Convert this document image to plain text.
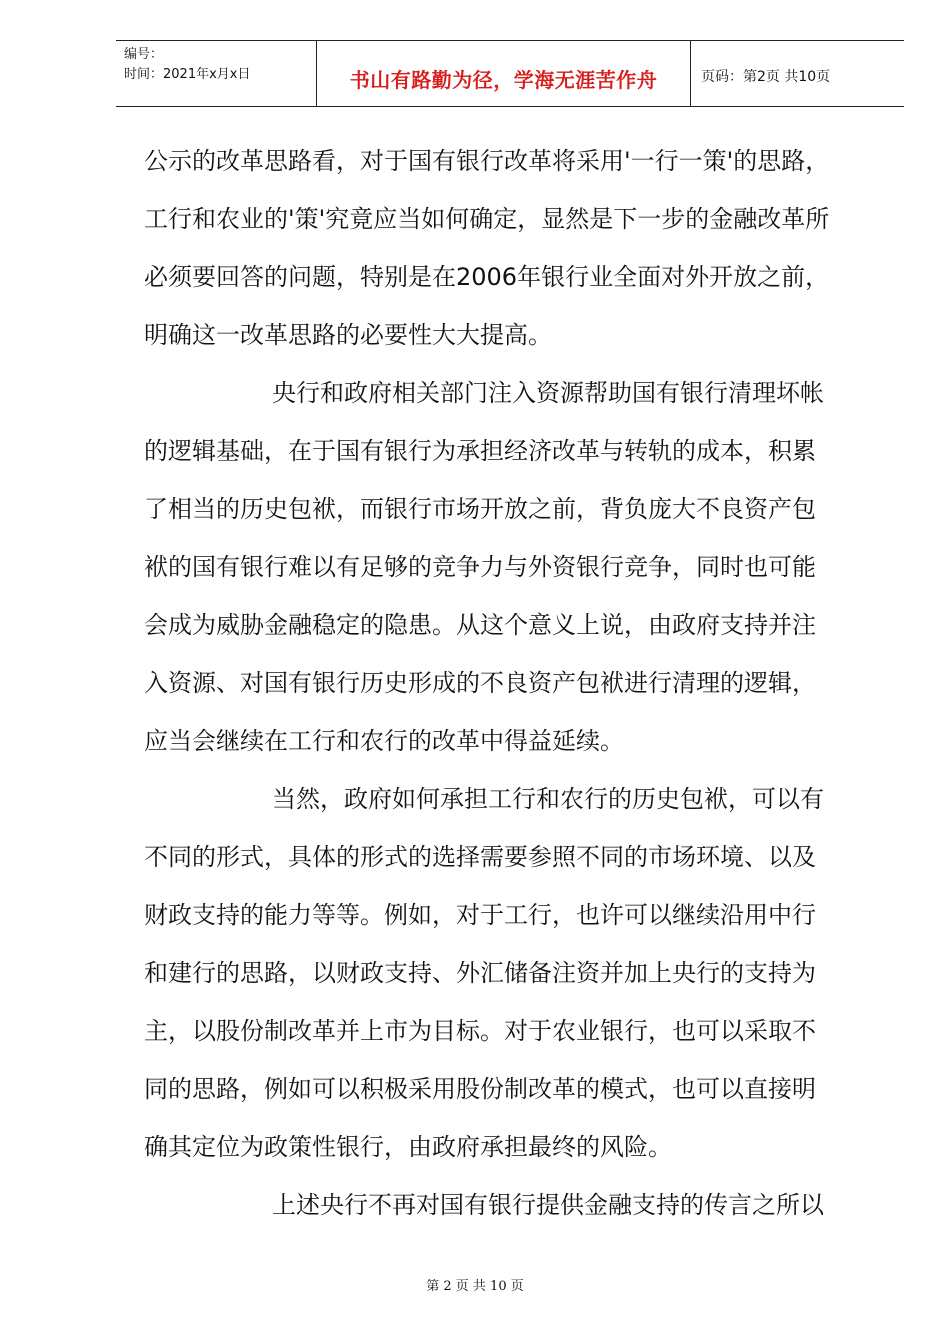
编号：
时间：2021年x月x日	书山有路勤为径，学海无涯苦作舟	页码：第2页 共10页
公示的改革思路看，对于国有银行改革将采用'一行一策'的思路，
工行和农业的'策'究竟应当如何确定，显然是下一步的金融改革所
必须要回答的问题，特别是在2006年银行业全面对外开放之前，
明确这一改革思路的必要性大大提高。
央行和政府相关部门注入资源帮助国有银行清理坏帐
的逻辑基础，在于国有银行为承担经济改革与转轨的成本，积累
了相当的历史包袱，而银行市场开放之前，背负庞大不良资产包
袱的国有银行难以有足够的竞争力与外资银行竞争，同时也可能
会成为威胁金融稳定的隐患。从这个意义上说，由政府支持并注
入资源、对国有银行历史形成的不良资产包袱进行清理的逻辑，
应当会继续在工行和农行的改革中得益延续。
当然，政府如何承担工行和农行的历史包袱，可以有
不同的形式，具体的形式的选择需要参照不同的市场环境、以及
财政支持的能力等等。例如，对于工行，也许可以继续沿用中行
和建行的思路，以财政支持、外汇储备注资并加上央行的支持为
主，以股份制改革并上市为目标。对于农业银行，也可以采取不
同的思路，例如可以积极采用股份制改革的模式，也可以直接明
确其定位为政策性银行，由政府承担最终的风险。
上述央行不再对国有银行提供金融支持的传言之所以
第 2 页 共 10 页
